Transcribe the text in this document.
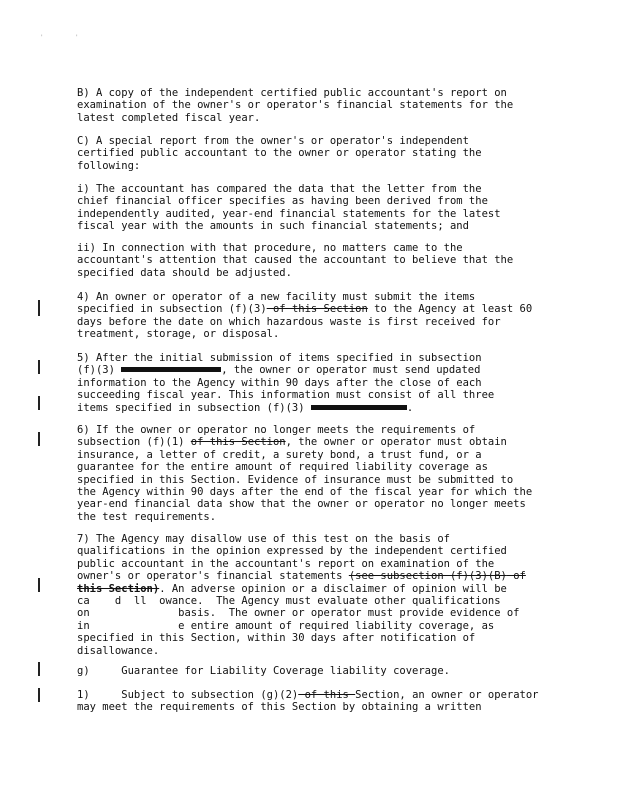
'	'
B) A copy of the independent certified public accountant's report on
examination of the owner's or operator's financial statements for the
latest completed fiscal year.
C) A special report from the owner's or operator's independent
certified public accountant to the owner or operator stating the
following:
i) The accountant has compared the data that the letter from the
chief financial officer specifies as having been derived from the
independently audited, year-end financial statements for the latest
fiscal year with the amounts in such financial statements; and
ii) In connection with that procedure, no matters came to the
accountant's attention that caused the accountant to believe that the
specified data should be adjusted.
4) An owner or operator of a new facility must submit the items
specified in subsection (f)(3) of this Section to the Agency at least 60
days before the date on which hazardous waste is first received for
treatment, storage, or disposal.
5) After the initial submission of items specified in subsection
(f)(3)	, the owner or operator must send updated
information to the Agency within 90 days after the close of each
succeeding fiscal year. This information must consist of all three
items specified in subsection (f)(3)	.
6) If the owner or operator no longer meets the requirements of
subsection (f)(1) of this Section, the owner or operator must obtain
insurance, a letter of credit, a surety bond, a trust fund, or a
guarantee for the entire amount of required liability coverage as
specified in this Section. Evidence of insurance must be submitted to
the Agency within 90 days after the end of the fiscal year for which the
year-end financial data show that the owner or operator no longer meets
the test requirements.
7) The Agency may disallow use of this test on the basis of
qualifications in the opinion expressed by the independent certified
public accountant in the accountant's report on examination of the
owner's or operator's financial statements (see subsection (f)(3)(B) of
this Section). An adverse opinion or a disclaimer of opinion will be
ca    d  ll  owance.  The Agency must evaluate other qualifications
on              basis.  The owner or operator must provide evidence of
in              e entire amount of required liability coverage, as
specified in this Section, within 30 days after notification of
disallowance.
g)     Guarantee for Liability Coverage liability coverage.
1)     Subject to subsection (g)(2) of this Section, an owner or operator
may meet the requirements of this Section by obtaining a written
